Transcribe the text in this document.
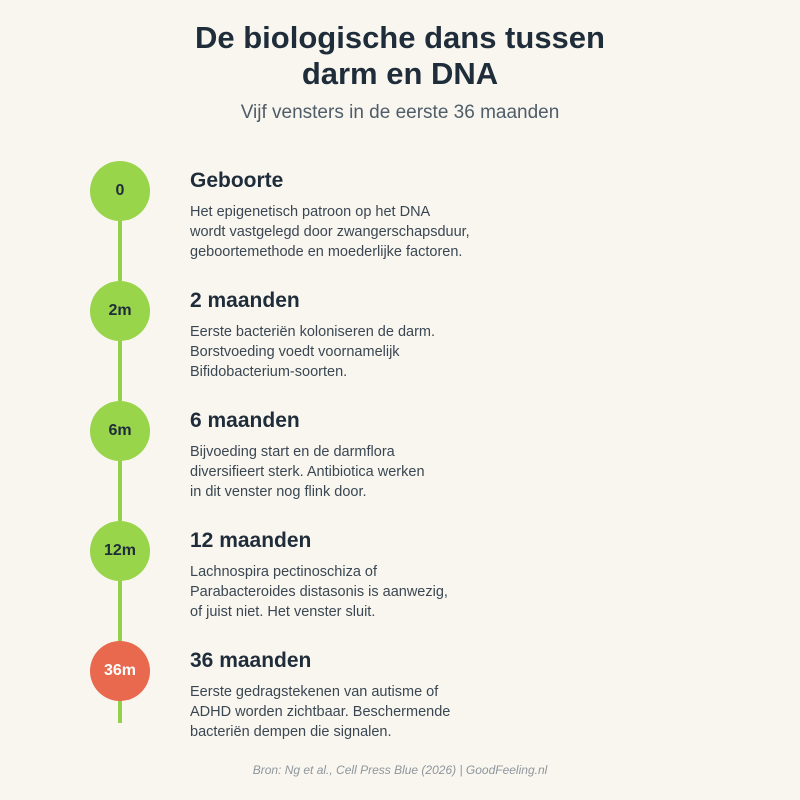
De biologische dans tussen
darm en DNA
Vijf vensters in de eerste 36 maanden
0	Geboorte
Het epigenetisch patroon op het DNA
wordt vastgelegd door zwangerschapsduur,
geboortemethode en moederlijke factoren.
2m	2 maanden
Eerste bacteriën koloniseren de darm.
Borstvoeding voedt voornamelijk
Bifidobacterium-soorten.
6m	6 maanden
Bijvoeding start en de darmflora
diversifieert sterk. Antibiotica werken
in dit venster nog flink door.
12m	12 maanden
Lachnospira pectinoschiza of
Parabacteroides distasonis is aanwezig,
of juist niet. Het venster sluit.
36m	36 maanden
Eerste gedragstekenen van autisme of
ADHD worden zichtbaar. Beschermende
bacteriën dempen die signalen.
Bron: Ng et al., Cell Press Blue (2026) | GoodFeeling.nl
